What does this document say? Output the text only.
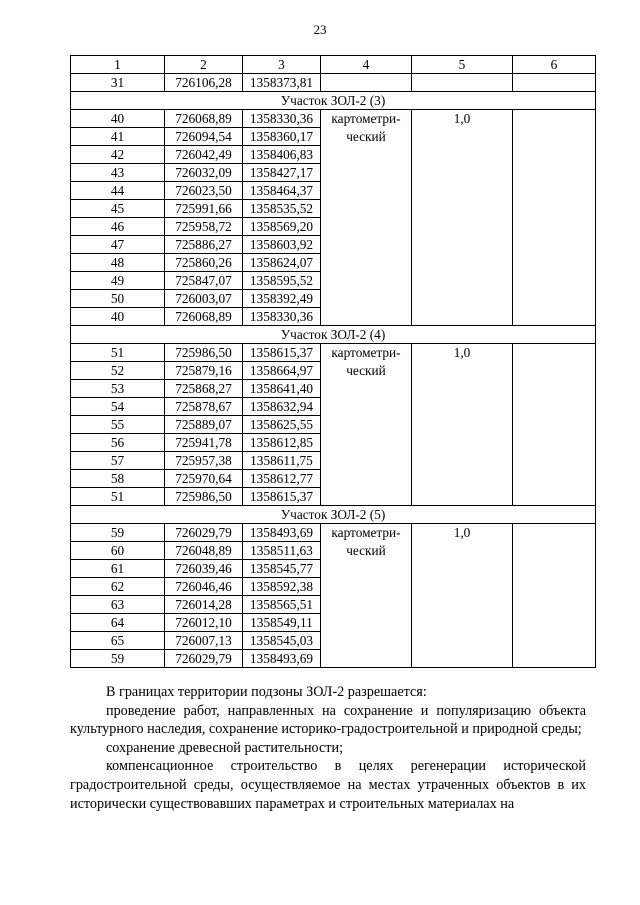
23
1	2	3	4	5	6
31	726106,28	1358373,81			
Участок ЗОЛ-2 (3)					
40	726068,89	1358330,36	картометри-ческий	1,0	
41	726094,54	1358360,17			
42	726042,49	1358406,83			
43	726032,09	1358427,17			
44	726023,50	1358464,37			
45	725991,66	1358535,52			
46	725958,72	1358569,20			
47	725886,27	1358603,92			
48	725860,26	1358624,07			
49	725847,07	1358595,52			
50	726003,07	1358392,49			
40	726068,89	1358330,36			
Участок ЗОЛ-2 (4)					
51	725986,50	1358615,37	картометри-ческий	1,0	
52	725879,16	1358664,97			
53	725868,27	1358641,40			
54	725878,67	1358632,94			
55	725889,07	1358625,55			
56	725941,78	1358612,85			
57	725957,38	1358611,75			
58	725970,64	1358612,77			
51	725986,50	1358615,37			
Участок ЗОЛ-2 (5)					
59	726029,79	1358493,69	картометри-ческий	1,0	
60	726048,89	1358511,63			
61	726039,46	1358545,77			
62	726046,46	1358592,38			
63	726014,28	1358565,51			
64	726012,10	1358549,11			
65	726007,13	1358545,03			
59	726029,79	1358493,69			

В границах территории подзоны ЗОЛ-2 разрешается:

проведение работ, направленных на сохранение и популяризацию объекта культурного наследия, сохранение историко-градостроительной и природной среды;

сохранение древесной растительности;

компенсационное строительство в целях регенерации исторической градостроительной среды, осуществляемое на местах утраченных объектов в их исторически существовавших параметрах и строительных материалах на
